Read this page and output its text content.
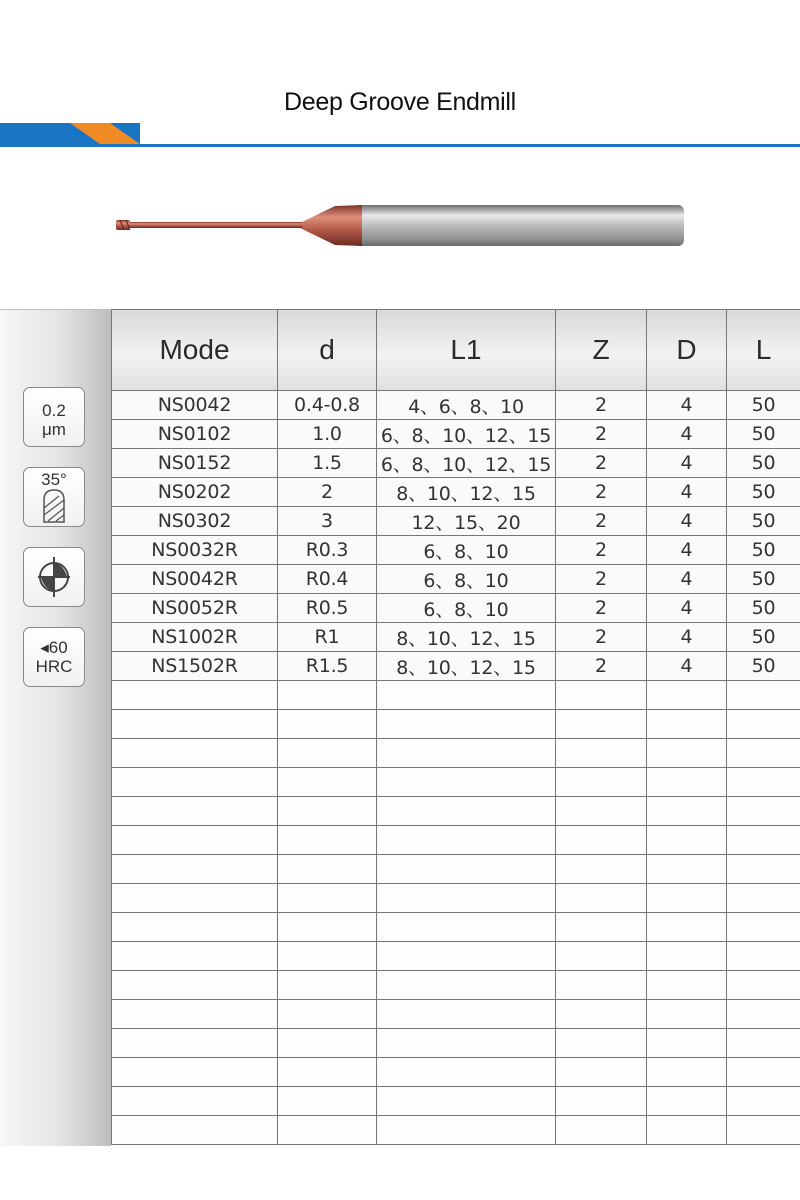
Deep Groove Endmill
0.2
μm
35°
◂60
HRC
Mode	d	L1	Z	D	L
NS0042	0.4-0.8	4、6、8、10	2	4	50
NS0102	1.0	6、8、10、12、15	2	4	50
NS0152	1.5	6、8、10、12、15	2	4	50
NS0202	2	8、10、12、15	2	4	50
NS0302	3	12、15、20	2	4	50
NS0032R	R0.3	6、8、10	2	4	50
NS0042R	R0.4	6、8、10	2	4	50
NS0052R	R0.5	6、8、10	2	4	50
NS1002R	R1	8、10、12、15	2	4	50
NS1502R	R1.5	8、10、12、15	2	4	50
